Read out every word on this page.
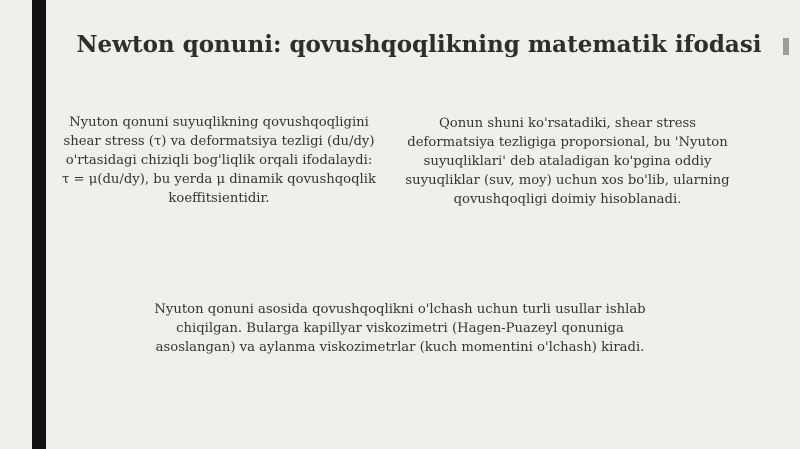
Newton qonuni: qovushqoqlikning matematik ifodasi

Nyuton qonuni suyuqlikning qovushqoqligini shear stress (τ) va deformatsiya tezligi (du/dy) o'rtasidagi chiziqli bog'liqlik orqali ifodalaydi: τ = μ(du/dy), bu yerda μ dinamik qovushqoqlik koeffitsientidir.

Qonun shuni ko'rsatadiki, shear stress deformatsiya tezligiga proporsional, bu 'Nyuton suyuqliklari' deb ataladigan ko'pgina oddiy suyuqliklar (suv, moy) uchun xos bo'lib, ularning qovushqoqligi doimiy hisoblanadi.

Nyuton qonuni asosida qovushqoqlikni o'lchash uchun turli usullar ishlab chiqilgan. Bularga kapillyar viskozimetri (Hagen-Puazeyl qonuniga asoslangan) va aylanma viskozimetrlar (kuch momentini o'lchash) kiradi.
